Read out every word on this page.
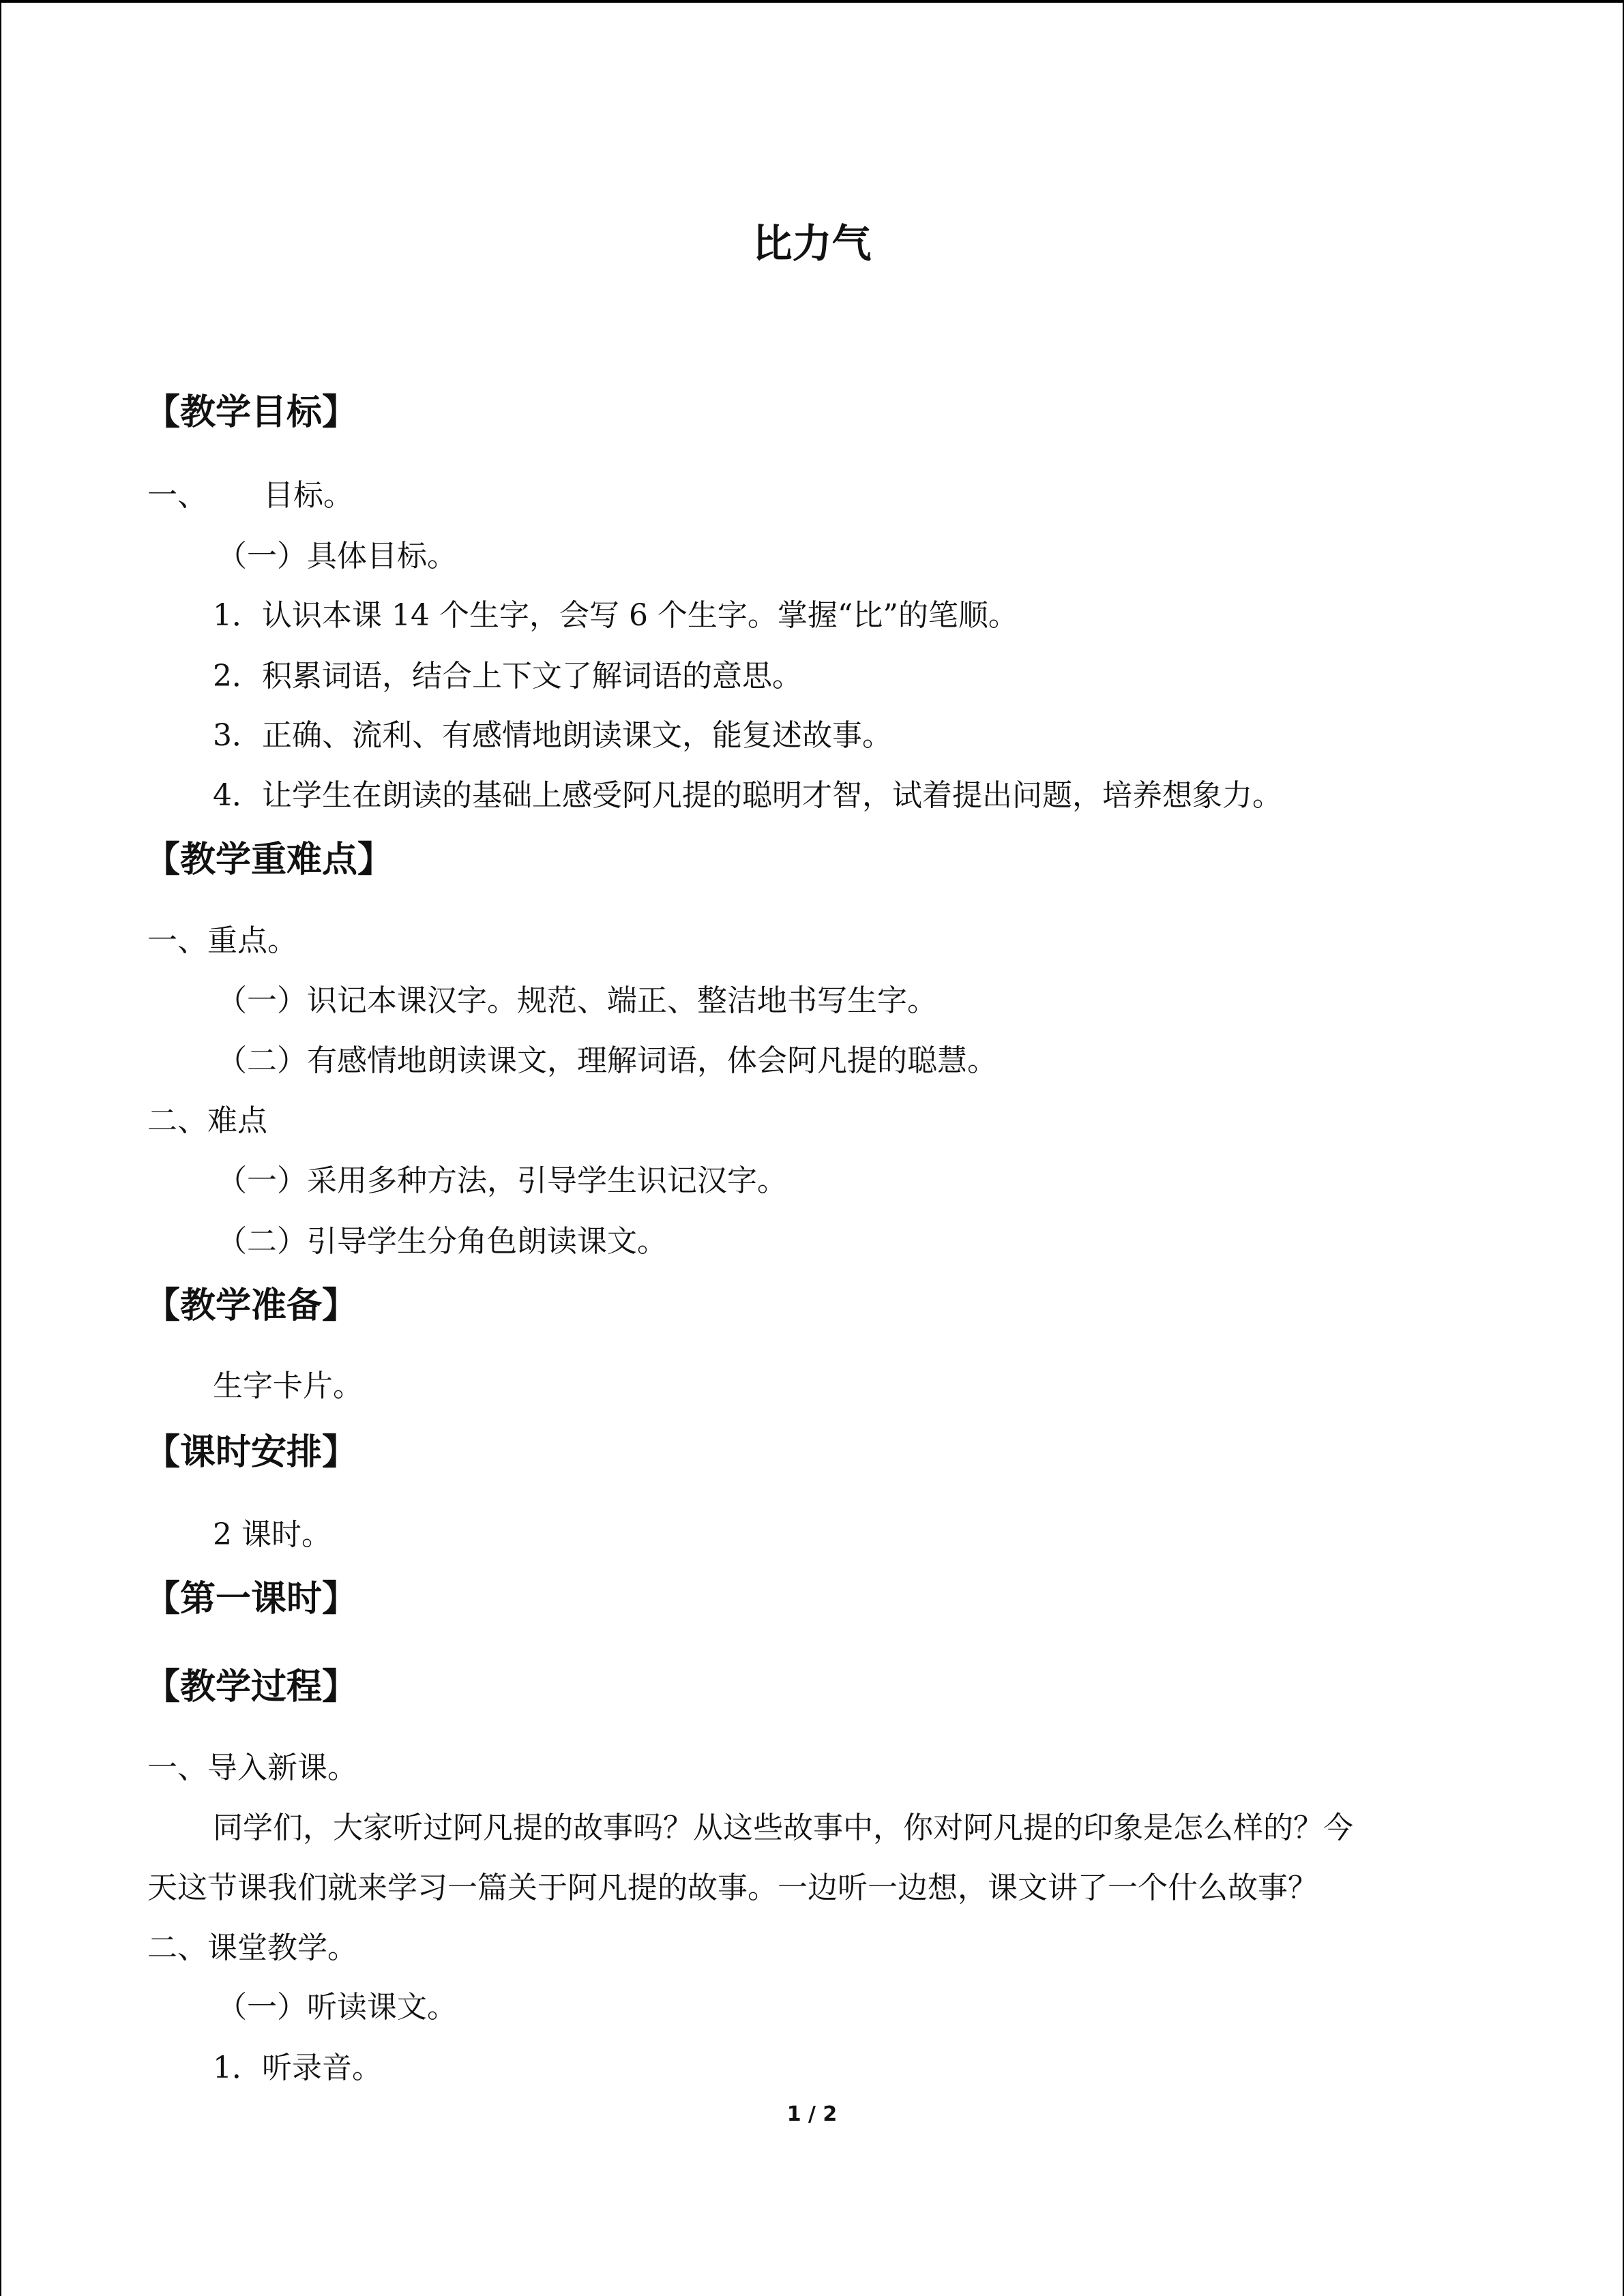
比力气
【教学目标】
一、	目标。
（一）具体目标。
1．认识本课 14 个生字，会写 6 个生字。掌握“比”的笔顺。
2．积累词语，结合上下文了解词语的意思。
3．正确、流利、有感情地朗读课文，能复述故事。
4．让学生在朗读的基础上感受阿凡提的聪明才智，试着提出问题，培养想象力。
【教学重难点】
一、重点。
（一）识记本课汉字。规范、端正、整洁地书写生字。
（二）有感情地朗读课文，理解词语，体会阿凡提的聪慧。
二、难点
（一）采用多种方法，引导学生识记汉字。
（二）引导学生分角色朗读课文。
【教学准备】
生字卡片。
【课时安排】
2 课时。
【第一课时】
【教学过程】
一、导入新课。
同学们，大家听过阿凡提的故事吗？从这些故事中，你对阿凡提的印象是怎么样的？今
天这节课我们就来学习一篇关于阿凡提的故事。一边听一边想，课文讲了一个什么故事？
二、课堂教学。
（一）听读课文。
1．听录音。
1 / 2
